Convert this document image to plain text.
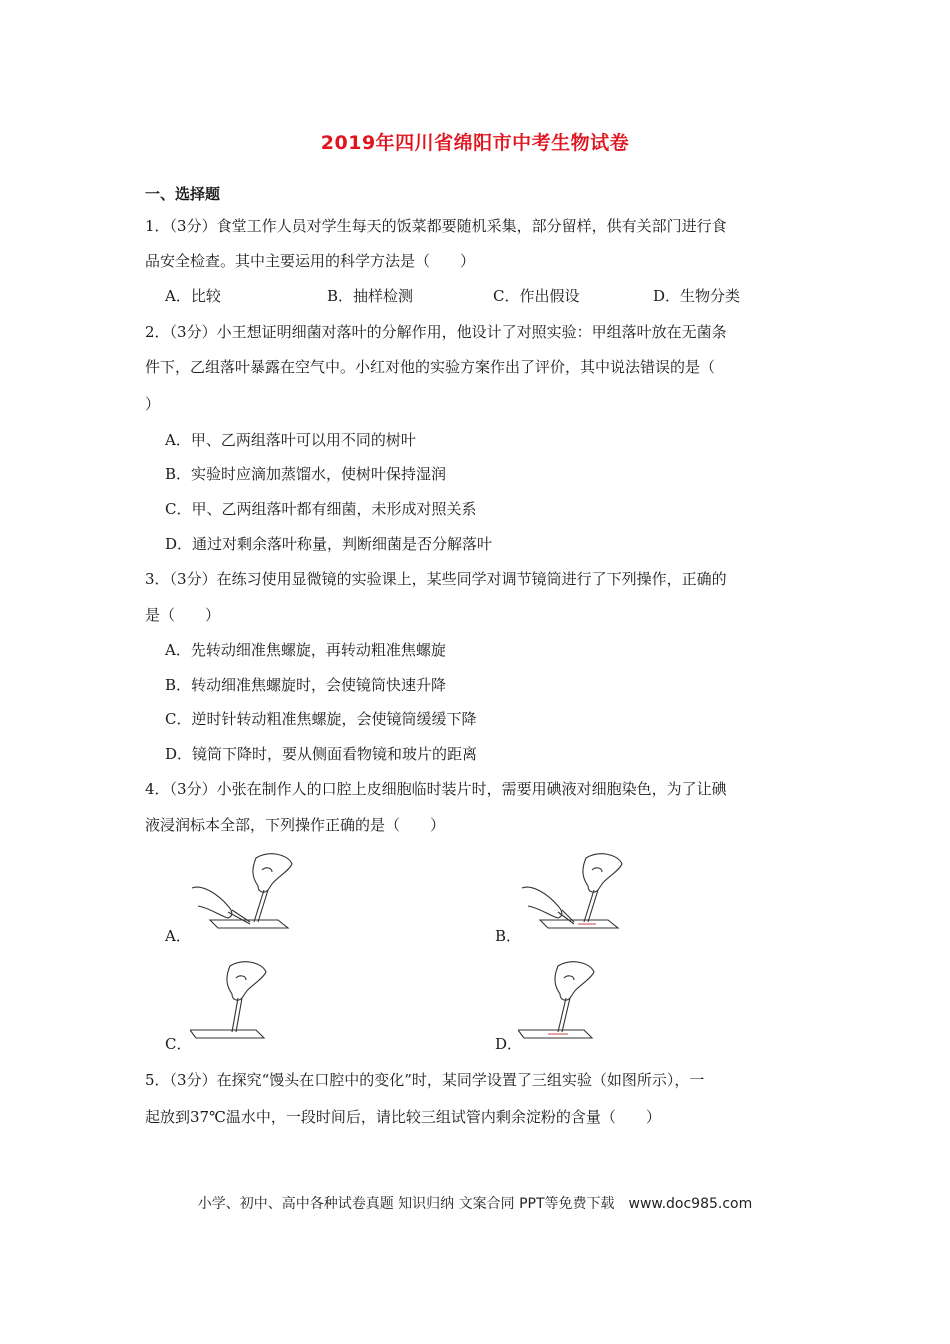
2019年四川省绵阳市中考生物试卷
一、选择题
1．（3分）食堂工作人员对学生每天的饭菜都要随机采集，部分留样，供有关部门进行食
品安全检查。其中主要运用的科学方法是（　　）
A．比较	B．抽样检测	C．作出假设	D．生物分类
2．（3分）小王想证明细菌对落叶的分解作用，他设计了对照实验：甲组落叶放在无菌条
件下，乙组落叶暴露在空气中。小红对他的实验方案作出了评价，其中说法错误的是（
）
A．甲、乙两组落叶可以用不同的树叶
B．实验时应滴加蒸馏水，使树叶保持湿润
C．甲、乙两组落叶都有细菌，未形成对照关系
D．通过对剩余落叶称量，判断细菌是否分解落叶
3．（3分）在练习使用显微镜的实验课上，某些同学对调节镜筒进行了下列操作，正确的
是（　　）
A．先转动细准焦螺旋，再转动粗准焦螺旋
B．转动细准焦螺旋时，会使镜筒快速升降
C．逆时针转动粗准焦螺旋，会使镜筒缓缓下降
D．镜筒下降时，要从侧面看物镜和玻片的距离
4．（3分）小张在制作人的口腔上皮细胞临时装片时，需要用碘液对细胞染色，为了让碘
液浸润标本全部，下列操作正确的是（　　）
A．	B．
C．	D．
5．（3分）在探究“馒头在口腔中的变化”时，某同学设置了三组实验（如图所示），一
起放到37℃温水中，一段时间后，请比较三组试管内剩余淀粉的含量（　　）
小学、初中、高中各种试卷真题 知识归纳 文案合同 PPT等免费下载　www.doc985.com
